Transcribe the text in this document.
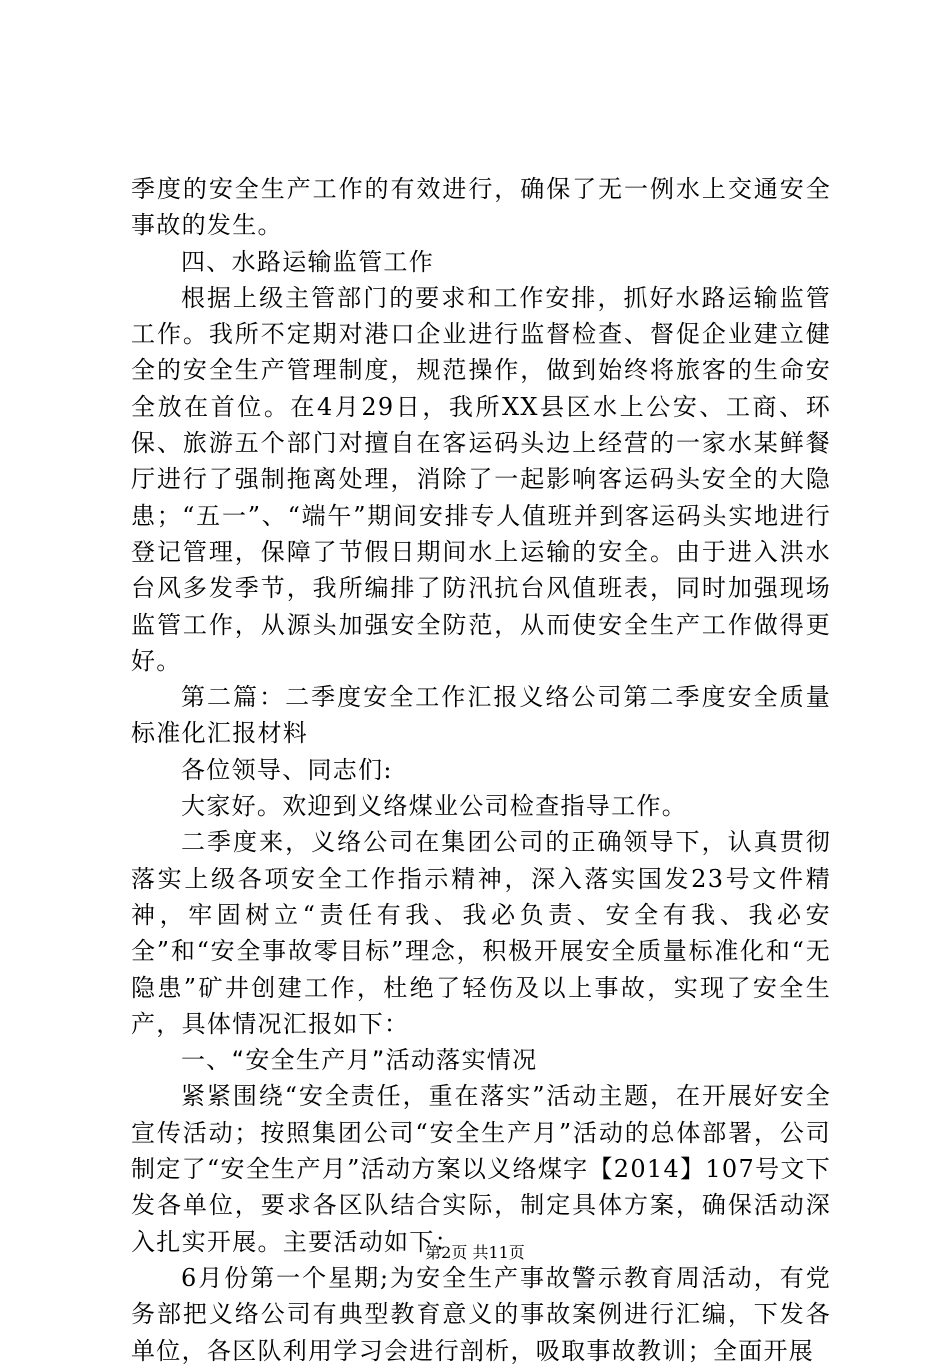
季度的安全生产工作的有效进行，确保了无一例水上交通安全事故的发生。

四、水路运输监管工作

根据上级主管部门的要求和工作安排，抓好水路运输监管工作。我所不定期对港口企业进行监督检查、督促企业建立健全的安全生产管理制度，规范操作，做到始终将旅客的生命安全放在首位。在4月29日，我所XX县区水上公安、工商、环保、旅游五个部门对擅自在客运码头边上经营的一家水某鲜餐厅进行了强制拖离处理，消除了一起影响客运码头安全的大隐患；“五一”、“端午”期间安排专人值班并到客运码头实地进行登记管理，保障了节假日期间水上运输的安全。由于进入洪水台风多发季节，我所编排了防汛抗台风值班表，同时加强现场监管工作，从源头加强安全防范，从而使安全生产工作做得更好。

第二篇：二季度安全工作汇报义络公司第二季度安全质量标准化汇报材料

各位领导、同志们:

大家好。欢迎到义络煤业公司检查指导工作。

二季度来，义络公司在集团公司的正确领导下，认真贯彻落实上级各项安全工作指示精神，深入落实国发23号文件精神，牢固树立“责任有我、我必负责、安全有我、我必安全”和“安全事故零目标”理念，积极开展安全质量标准化和“无隐患”矿井创建工作，杜绝了轻伤及以上事故，实现了安全生产，具体情况汇报如下：

一、“安全生产月”活动落实情况

紧紧围绕“安全责任，重在落实”活动主题，在开展好安全宣传活动；按照集团公司“安全生产月”活动的总体部署，公司制定了“安全生产月”活动方案以义络煤字【2014】107号文下发各单位，要求各区队结合实际，制定具体方案，确保活动深入扎实开展。主要活动如下：

6月份第一个星期;为安全生产事故警示教育周活动，有党务部把义络公司有典型教育意义的事故案例进行汇编，下发各单位，各区队利用学习会进行剖析，吸取事故教训；全面开展

第2页 共11页
